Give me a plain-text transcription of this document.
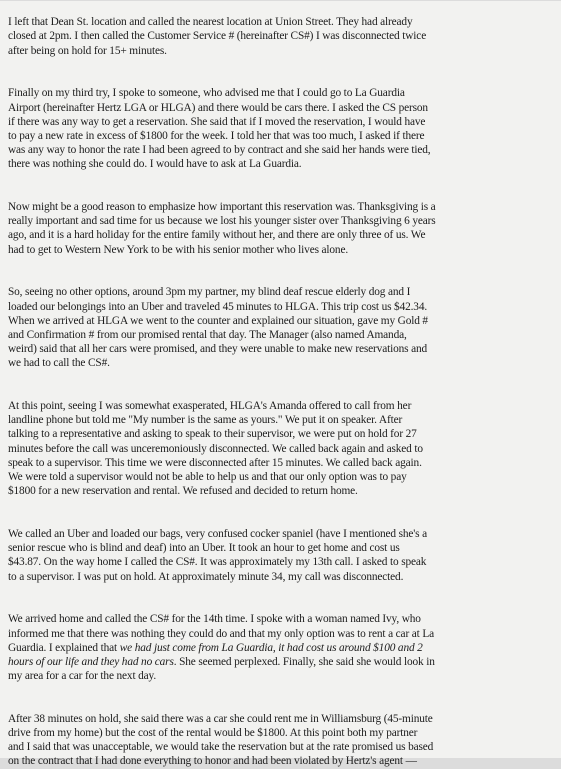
I left that Dean St. location and called the nearest location at Union Street. They had already
closed at 2pm. I then called the Customer Service # (hereinafter CS#) I was disconnected twice
after being on hold for 15+ minutes.

Finally on my third try, I spoke to someone, who advised me that I could go to La Guardia
Airport (hereinafter Hertz LGA or HLGA) and there would be cars there. I asked the CS person
if there was any way to get a reservation. She said that if I moved the reservation, I would have
to pay a new rate in excess of $1800 for the week. I told her that was too much, I asked if there
was any way to honor the rate I had been agreed to by contract and she said her hands were tied,
there was nothing she could do. I would have to ask at La Guardia.

Now might be a good reason to emphasize how important this reservation was. Thanksgiving is a
really important and sad time for us because we lost his younger sister over Thanksgiving 6 years
ago, and it is a hard holiday for the entire family without her, and there are only three of us. We
had to get to Western New York to be with his senior mother who lives alone.

So, seeing no other options, around 3pm my partner, my blind deaf rescue elderly dog and I
loaded our belongings into an Uber and traveled 45 minutes to HLGA. This trip cost us $42.34.
When we arrived at HLGA we went to the counter and explained our situation, gave my Gold #
and Confirmation # from our promised rental that day. The Manager (also named Amanda,
weird) said that all her cars were promised, and they were unable to make new reservations and
we had to call the CS#.

At this point, seeing I was somewhat exasperated, HLGA's Amanda offered to call from her
landline phone but told me "My number is the same as yours." We put it on speaker. After
talking to a representative and asking to speak to their supervisor, we were put on hold for 27
minutes before the call was unceremoniously disconnected. We called back again and asked to
speak to a supervisor. This time we were disconnected after 15 minutes. We called back again.
We were told a supervisor would not be able to help us and that our only option was to pay
$1800 for a new reservation and rental. We refused and decided to return home.

We called an Uber and loaded our bags, very confused cocker spaniel (have I mentioned she's a
senior rescue who is blind and deaf) into an Uber. It took an hour to get home and cost us
$43.87. On the way home I called the CS#. It was approximately my 13th call. I asked to speak
to a supervisor. I was put on hold. At approximately minute 34, my call was disconnected.

We arrived home and called the CS# for the 14th time. I spoke with a woman named Ivy, who
informed me that there was nothing they could do and that my only option was to rent a car at La
Guardia. I explained that we had just come from La Guardia, it had cost us around $100 and 2
hours of our life and they had no cars. She seemed perplexed. Finally, she said she would look in
my area for a car for the next day.

After 38 minutes on hold, she said there was a car she could rent me in Williamsburg (45-minute
drive from my home) but the cost of the rental would be $1800. At this point both my partner
and I said that was unacceptable, we would take the reservation but at the rate promised us based
on the contract that I had done everything to honor and had been violated by Hertz's agent —
